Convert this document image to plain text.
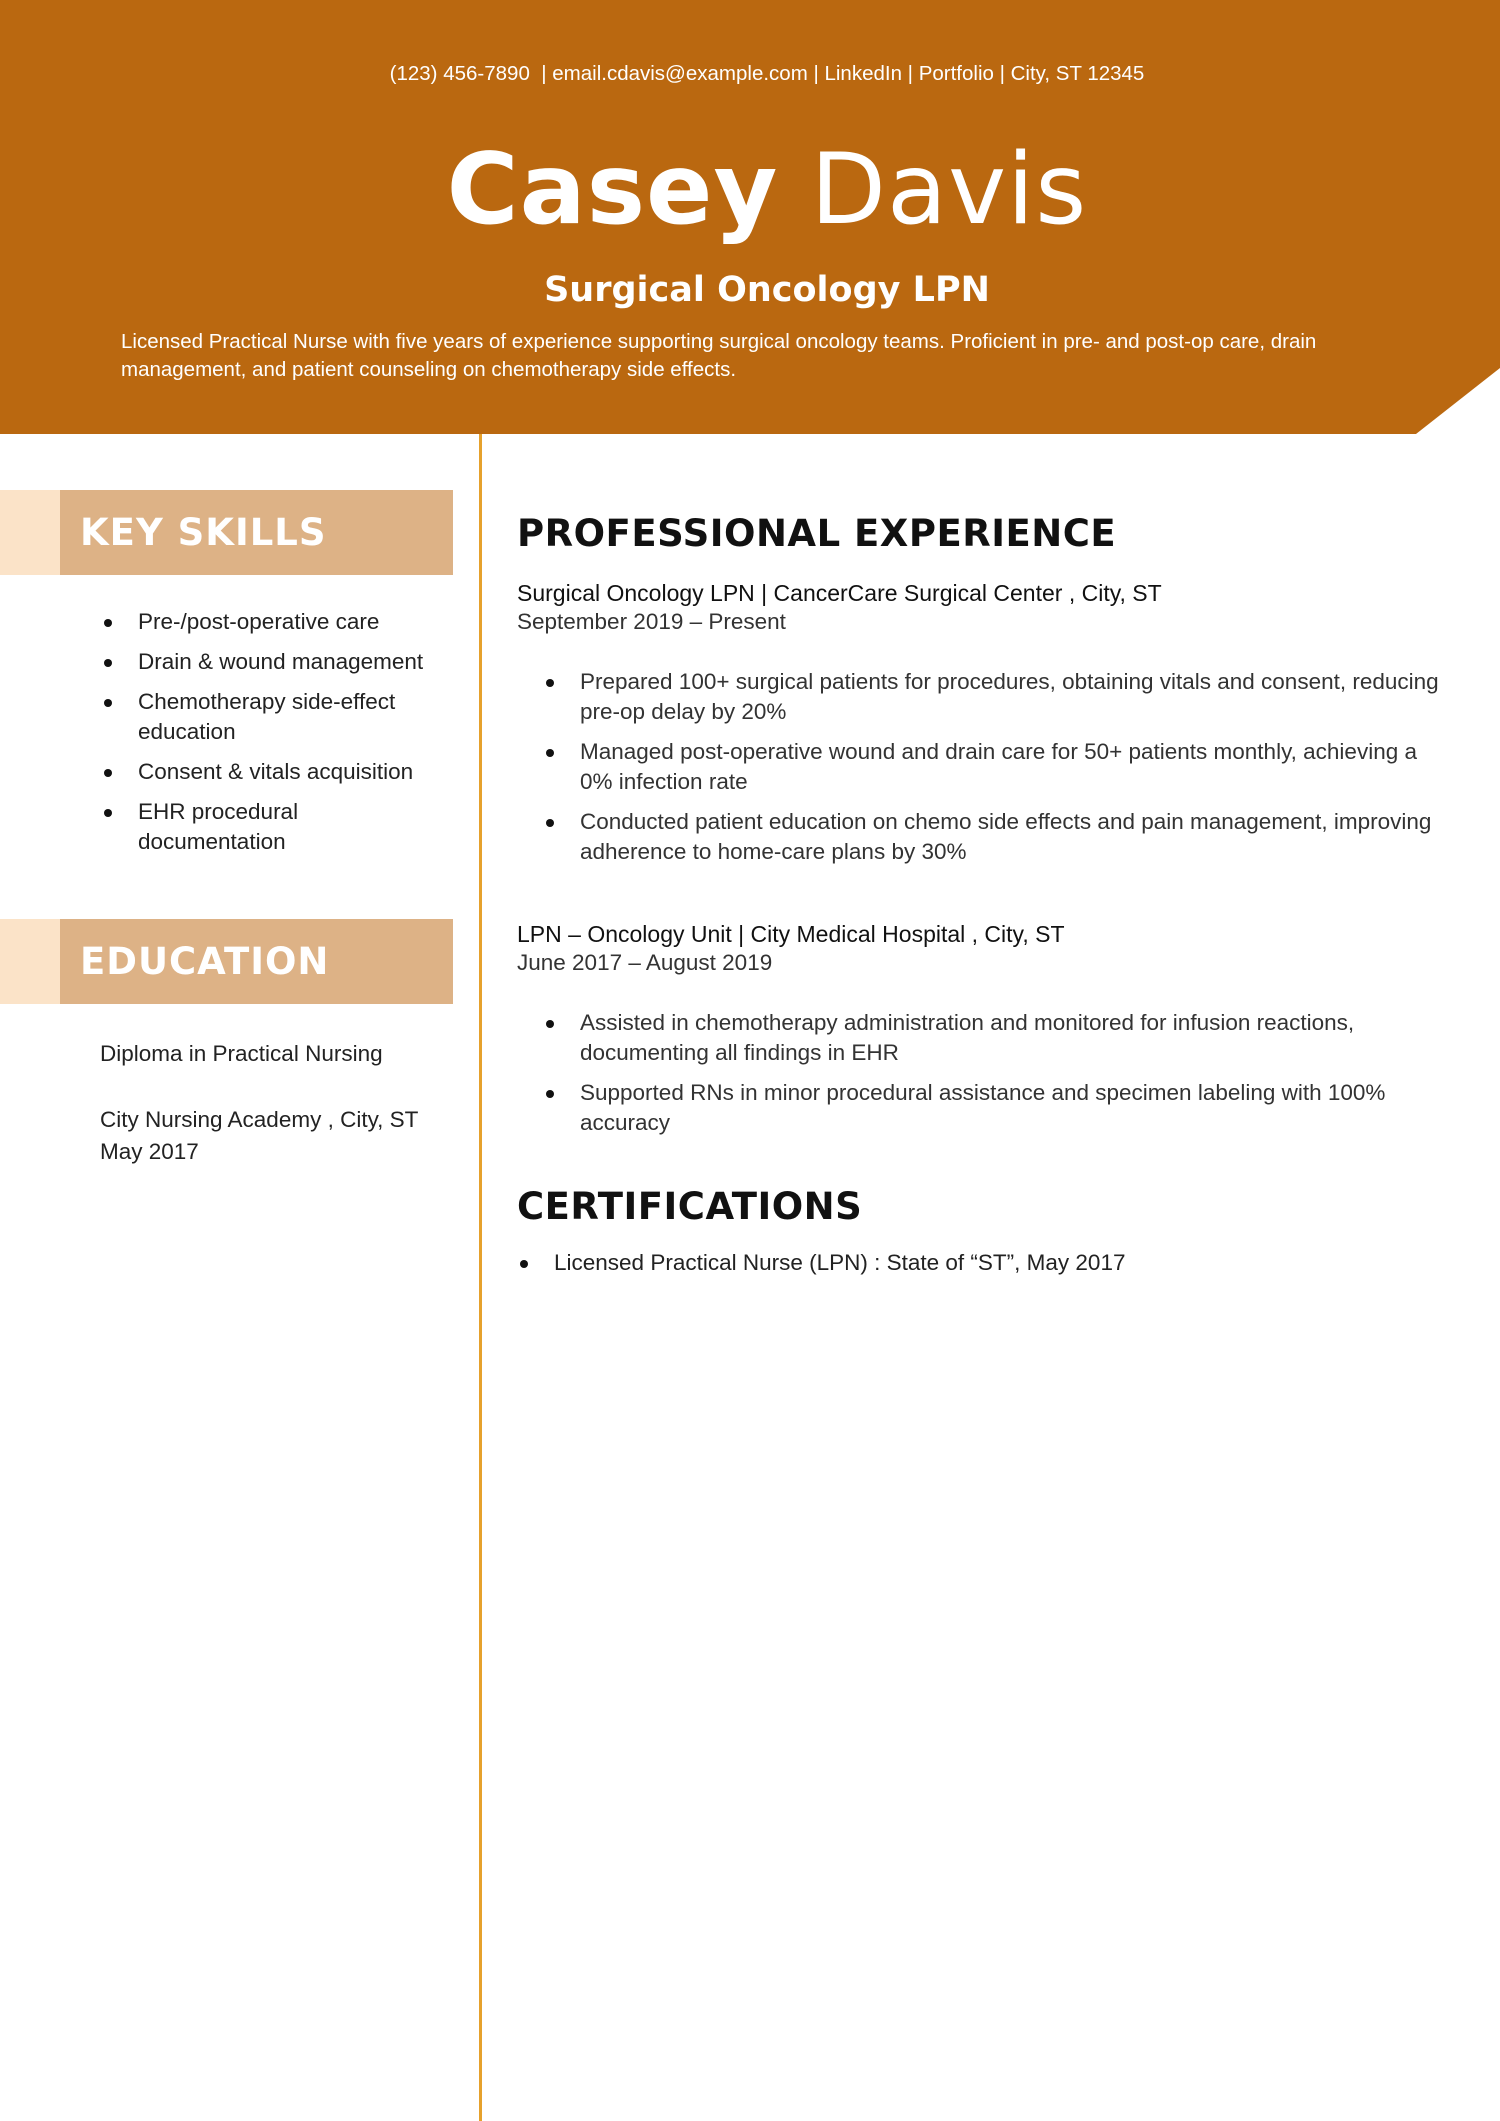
(123) 456-7890  | email.cdavis@example.com | LinkedIn | Portfolio | City, ST 12345
Casey Davis
Surgical Oncology LPN
Licensed Practical Nurse with five years of experience supporting surgical oncology teams. Proficient in pre- and post-op care, drain management, and patient counseling on chemotherapy side effects.
KEY SKILLS
Pre-/post-operative care
Drain & wound management
Chemotherapy side-effect education
Consent & vitals acquisition
EHR procedural documentation
EDUCATION
Diploma in Practical Nursing
City Nursing Academy , City, ST
May 2017
PROFESSIONAL EXPERIENCE
Surgical Oncology LPN | CancerCare Surgical Center , City, ST
September 2019 – Present
Prepared 100+ surgical patients for procedures, obtaining vitals and consent, reducing pre-op delay by 20%
Managed post-operative wound and drain care for 50+ patients monthly, achieving a 0% infection rate
Conducted patient education on chemo side effects and pain management, improving adherence to home-care plans by 30%
LPN – Oncology Unit | City Medical Hospital , City, ST
June 2017 – August 2019
Assisted in chemotherapy administration and monitored for infusion reactions, documenting all findings in EHR
Supported RNs in minor procedural assistance and specimen labeling with 100% accuracy
CERTIFICATIONS
Licensed Practical Nurse (LPN) : State of “ST”, May 2017
